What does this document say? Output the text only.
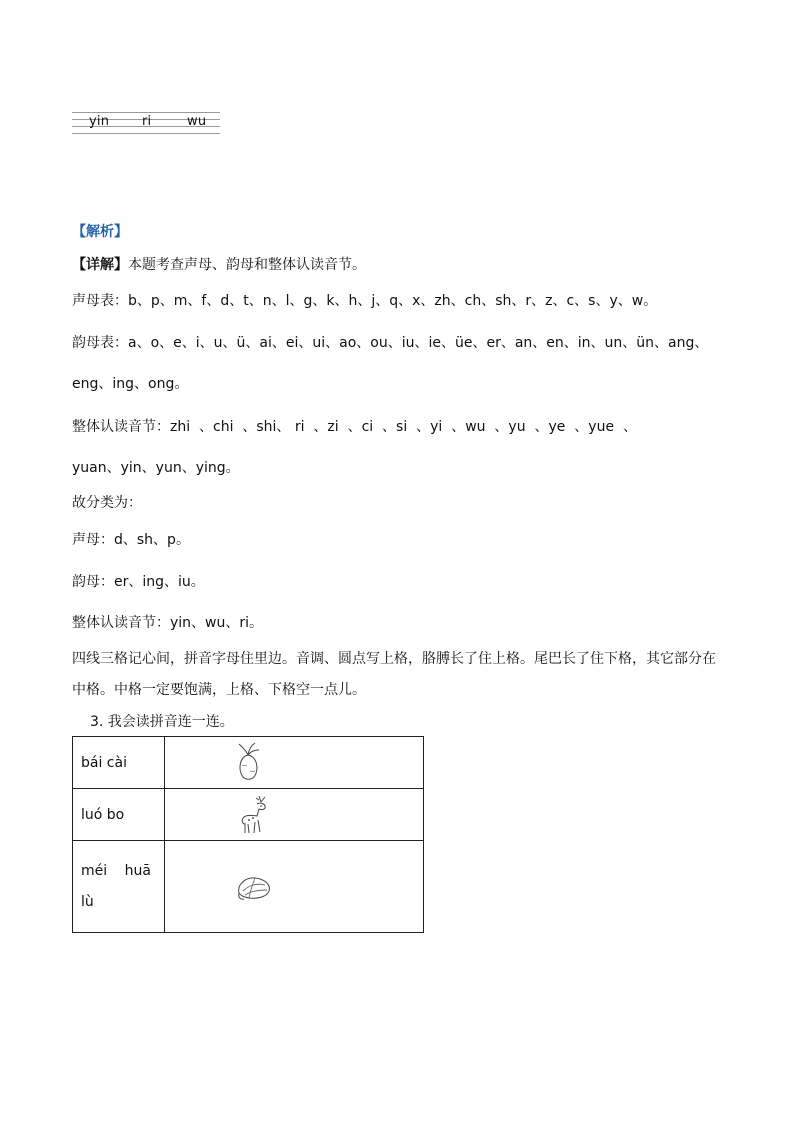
yin	ri	wu
【解析】
【详解】本题考查声母、韵母和整体认读音节。
声母表：b、p、m、f、d、t、n、l、g、k、h、j、q、x、zh、ch、sh、r、z、c、s、y、w。
韵母表：a、o、e、i、u、ü、ai、ei、ui、ao、ou、iu、ie、üe、er、an、en、in、un、ün、ang、
eng、ing、ong。
整体认读音节：zhi  、chi  、shi、 ri  、zi  、ci  、si  、yi  、wu  、yu  、ye  、yue  、
yuan、yin、yun、ying。
故分类为：
声母：d、sh、p。
韵母：er、ing、iu。
整体认读音节：yin、wu、ri。
四线三格记心间，拼音字母住里边。音调、圆点写上格，胳膊长了住上格。尾巴长了住下格，其它部分在中格。中格一定要饱满，上格、下格空一点儿。
3. 我会读拼音连一连。
bái cài	

luó bo	

méi huā
lù
